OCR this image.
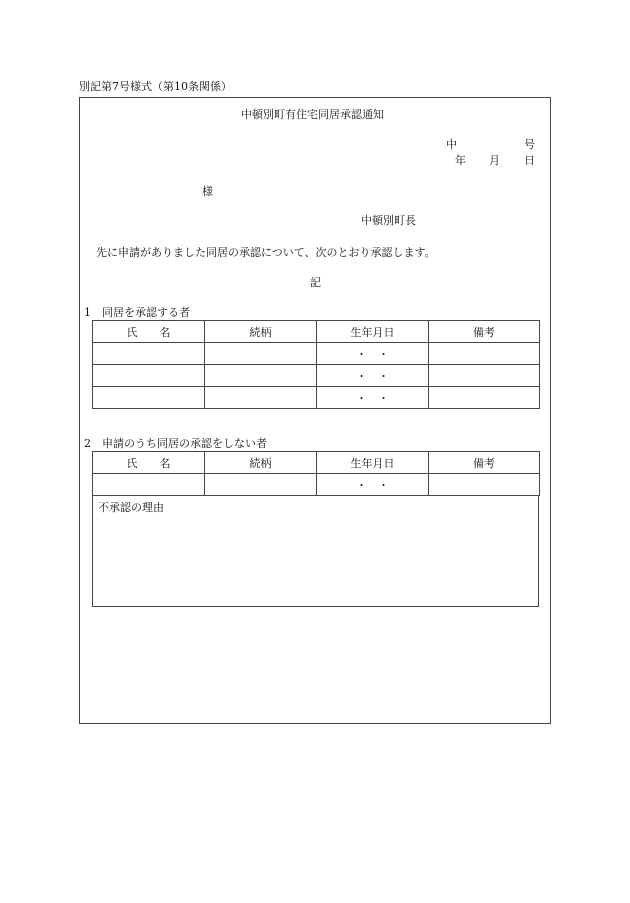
別記第7号様式（第10条関係）
中頓別町有住宅同居承認通知
中	号
年 月 日
様
中頓別町長
先に申請がありました同居の承認について、次のとおり承認します。
記
1　同居を承認する者
氏　　名	続柄	生年月日	備考
		・　・	
		・　・	
		・　・	
2　申請のうち同居の承認をしない者
氏　　名	続柄	生年月日	備考
		・　・	
不承認の理由
